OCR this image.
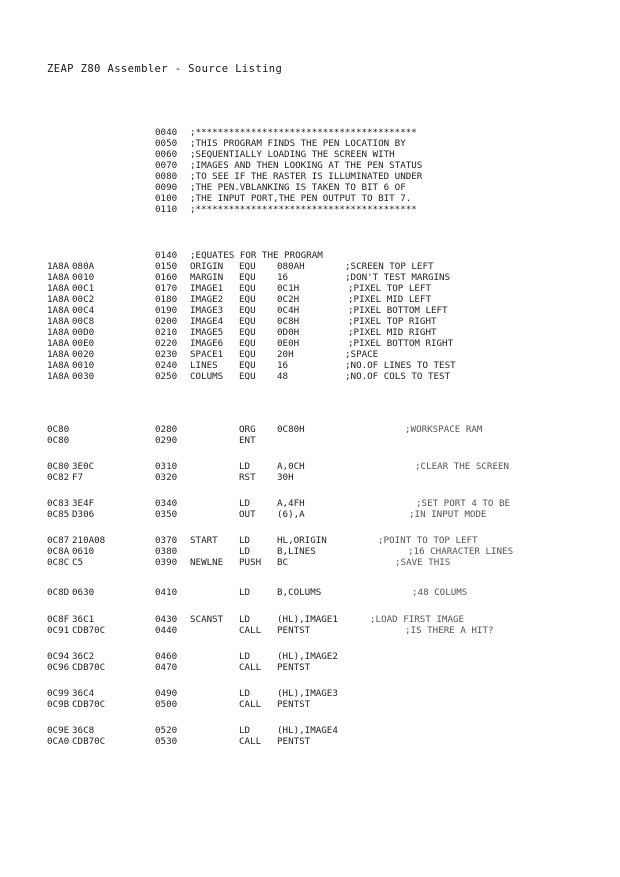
ZEAP Z80 Assembler - Source Listing
0040 ;****************************************
0050 ;THIS PROGRAM FINDS THE PEN LOCATION BY
0060 ;SEQUENTIALLY LOADING THE SCREEN WITH
0070 ;IMAGES AND THEN LOOKING AT THE PEN STATUS
0080 ;TO SEE IF THE RASTER IS ILLUMINATED UNDER
0090 ;THE PEN.VBLANKING IS TAKEN TO BIT 6 OF
0100 ;THE INPUT PORT,THE PEN OUTPUT TO BIT 7.
0110 ;****************************************
0140 ;EQUATES FOR THE PROGRAM
1A8A 080A	0150 ORIGIN EQU 080AH	;SCREEN TOP LEFT
1A8A 0010	0160 MARGIN EQU 16	;DON'T TEST MARGINS
1A8A 00C1	0170 IMAGE1 EQU 0C1H	;PIXEL TOP LEFT
1A8A 00C2	0180 IMAGE2 EQU 0C2H	;PIXEL MID LEFT
1A8A 00C4	0190 IMAGE3 EQU 0C4H	;PIXEL BOTTOM LEFT
1A8A 00C8	0200 IMAGE4 EQU 0C8H	;PIXEL TOP RIGHT
1A8A 00D0	0210 IMAGE5 EQU 0D0H	;PIXEL MID RIGHT
1A8A 00E0	0220 IMAGE6 EQU 0E0H	;PIXEL BOTTOM RIGHT
1A8A 0020	0230 SPACE1 EQU 20H	;SPACE
1A8A 0010	0240 LINES EQU 16	;NO.OF LINES TO TEST
1A8A 0030	0250 COLUMS EQU 48	;NO.OF COLS TO TEST
0C80	0280	ORG 0C80H	;WORKSPACE RAM
0C80	0290	ENT
0C80 3E0C	0310	LD	A,0CH	;CLEAR THE SCREEN
0C82 F7	0320	RST 30H
0C83 3E4F	0340	LD	A,4FH	;SET PORT 4 TO BE
0C85 D306	0350	OUT (6),A	;IN INPUT MODE
0C87 210A08	0370 START LD	HL,ORIGIN	;POINT TO TOP LEFT
0C8A 0610	0380	LD	B,LINES	;16 CHARACTER LINES
0C8C C5	0390 NEWLNE PUSH BC	;SAVE THIS
0C8D 0630	0410	LD	B,COLUMS	;48 COLUMS
0C8F 36C1	0430 SCANST LD	(HL),IMAGE1	;LOAD FIRST IMAGE
0C91 CDB70C	0440	CALL PENTST	;IS THERE A HIT?
0C94 36C2	0460	LD	(HL),IMAGE2
0C96 CDB70C	0470	CALL PENTST
0C99 36C4	0490	LD	(HL),IMAGE3
0C9B CDB70C	0500	CALL PENTST
0C9E 36C8	0520	LD	(HL),IMAGE4
0CA0 CDB70C	0530	CALL PENTST
